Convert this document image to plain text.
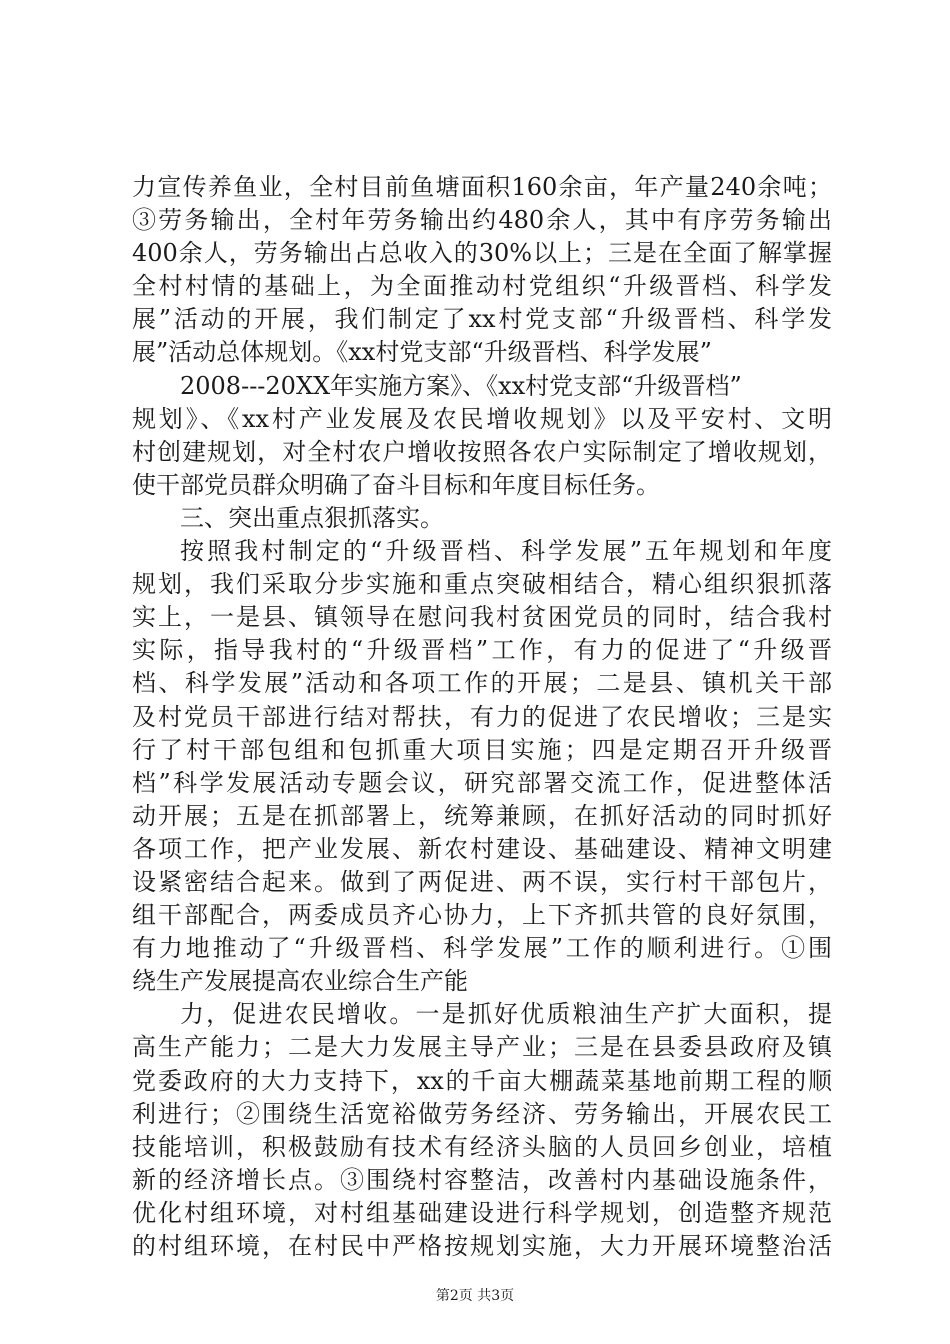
力宣传养鱼业，全村目前鱼塘面积160余亩，年产量240余吨；
③劳务输出，全村年劳务输出约480余人，其中有序劳务输出
400余人，劳务输出占总收入的30%以上；三是在全面了解掌握
全村村情的基础上，为全面推动村党组织“升级晋档、科学发
展”活动的开展，我们制定了xx村党支部“升级晋档、科学发
展”活动总体规划。《xx村党支部“升级晋档、科学发展”
2008---20XX年实施方案》、《xx村党支部“升级晋档”
规划》、《xx村产业发展及农民增收规划》以及平安村、文明
村创建规划，对全村农户增收按照各农户实际制定了增收规划，
使干部党员群众明确了奋斗目标和年度目标任务。
三、突出重点狠抓落实。
按照我村制定的“升级晋档、科学发展”五年规划和年度
规划，我们采取分步实施和重点突破相结合，精心组织狠抓落
实上，一是县、镇领导在慰问我村贫困党员的同时，结合我村
实际，指导我村的“升级晋档”工作，有力的促进了“升级晋
档、科学发展”活动和各项工作的开展；二是县、镇机关干部
及村党员干部进行结对帮扶，有力的促进了农民增收；三是实
行了村干部包组和包抓重大项目实施；四是定期召开升级晋
档”科学发展活动专题会议，研究部署交流工作，促进整体活
动开展；五是在抓部署上，统筹兼顾，在抓好活动的同时抓好
各项工作，把产业发展、新农村建设、基础建设、精神文明建
设紧密结合起来。做到了两促进、两不误，实行村干部包片，
组干部配合，两委成员齐心协力，上下齐抓共管的良好氛围，
有力地推动了“升级晋档、科学发展”工作的顺利进行。①围
绕生产发展提高农业综合生产能
力，促进农民增收。一是抓好优质粮油生产扩大面积，提
高生产能力；二是大力发展主导产业；三是在县委县政府及镇
党委政府的大力支持下，xx的千亩大棚蔬菜基地前期工程的顺
利进行；②围绕生活宽裕做劳务经济、劳务输出，开展农民工
技能培训，积极鼓励有技术有经济头脑的人员回乡创业，培植
新的经济增长点。③围绕村容整洁，改善村内基础设施条件，
优化村组环境，对村组基础建设进行科学规划，创造整齐规范
的村组环境，在村民中严格按规划实施，大力开展环境整治活
第2页 共3页
